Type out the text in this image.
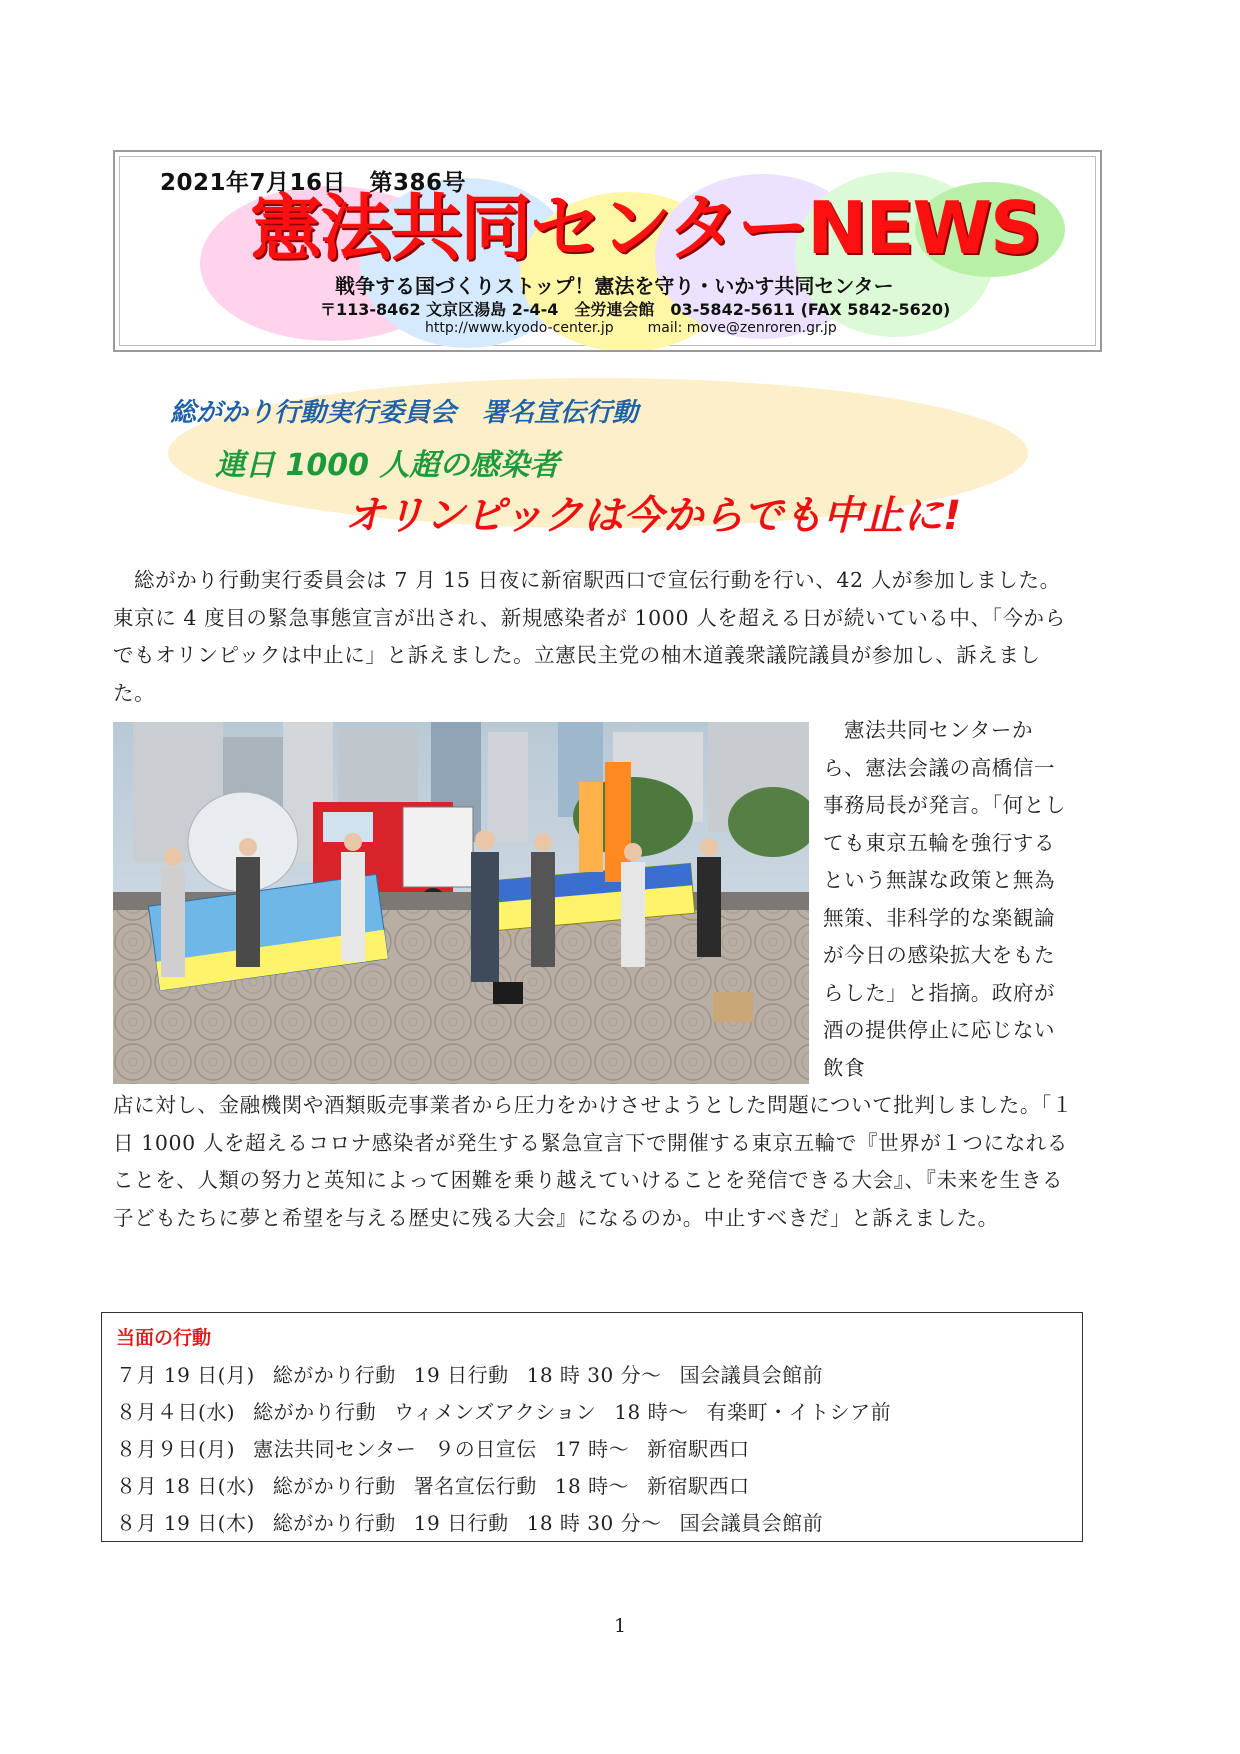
2021年7月16日　第386号
憲法共同センターNEWS
戦争する国づくりストップ！憲法を守り・いかす共同センター
〒113-8462 文京区湯島 2-4-4　全労連会館　03-5842-5611 (FAX 5842-5620)
http://www.kyodo-center.jp mail: move@zenroren.gr.jp
総がかり行動実行委員会　署名宣伝行動
連日 1000 人超の感染者
オリンピックは今からでも中止に!
総がかり行動実行委員会は 7 月 15 日夜に新宿駅西口で宣伝行動を行い、42 人が参加しました。東京に 4 度目の緊急事態宣言が出され、新規感染者が 1000 人を超える日が続いている中、「今からでもオリンピックは中止に」と訴えました。立憲民主党の柚木道義衆議院議員が参加し、訴えました。
憲法共同センターから、憲法会議の高橋信一事務局長が発言。「何としても東京五輪を強行するという無謀な政策と無為無策、非科学的な楽観論が今日の感染拡大をもたらした」と指摘。政府が酒の提供停止に応じない飲食
店に対し、金融機関や酒類販売事業者から圧力をかけさせようとした問題について批判しました。「１日 1000 人を超えるコロナ感染者が発生する緊急宣言下で開催する東京五輪で『世界が１つになれることを、人類の努力と英知によって困難を乗り越えていけることを発信できる大会』、『未来を生きる子どもたちに夢と希望を与える歴史に残る大会』になるのか。中止すべきだ」と訴えました。
当面の行動
７月 19 日(月) 総がかり行動 19 日行動 18 時 30 分～ 国会議員会館前
８月４日(水) 総がかり行動 ウィメンズアクション 18 時～ 有楽町・イトシア前
８月９日(月) 憲法共同センター ９の日宣伝 17 時～ 新宿駅西口
８月 18 日(水) 総がかり行動 署名宣伝行動 18 時～ 新宿駅西口
８月 19 日(木) 総がかり行動 19 日行動 18 時 30 分～ 国会議員会館前
1
